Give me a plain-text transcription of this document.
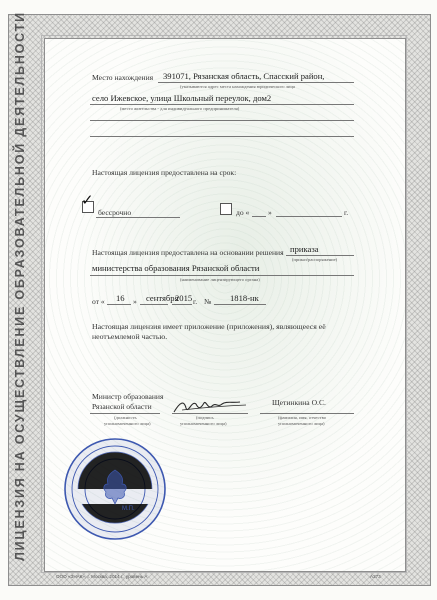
ЛИЦЕНЗИЯ НА ОСУЩЕСТВЛЕНИЕ ОБРАЗОВАТЕЛЬНОЙ ДЕЯТЕЛЬНОСТИ	Место нахождения 391071, Рязанская область, Спасский район,
(указываются адрес места нахождения юридического лица
село Ижевское, улица Школьный переулок, дом2
(место жительства - для индивидуального предпринимателя)
Настоящая лицензия предоставлена на срок:
✓
бессрочно	до « »	г.
Настоящая лицензия предоставлена на основании решения приказа
(приказ/распоряжение)
министерства образования Рязанской области
(наименование лицензирующего органа)
от « 16 » сентября
2015 г. № 1818-нк
Настоящая лицензия имеет приложение (приложения), являющееся её
неотъемлемой частью.
Министр образования
Рязанской области
(должность
уполномоченного лица)
(подпись
уполномоченного лица)
Щетинкина О.С.
(фамилия, имя, отчество
уполномоченного лица)
М.П.
ООО «ЗНАК», г. Москва, 2014 г., уровень А	A273
